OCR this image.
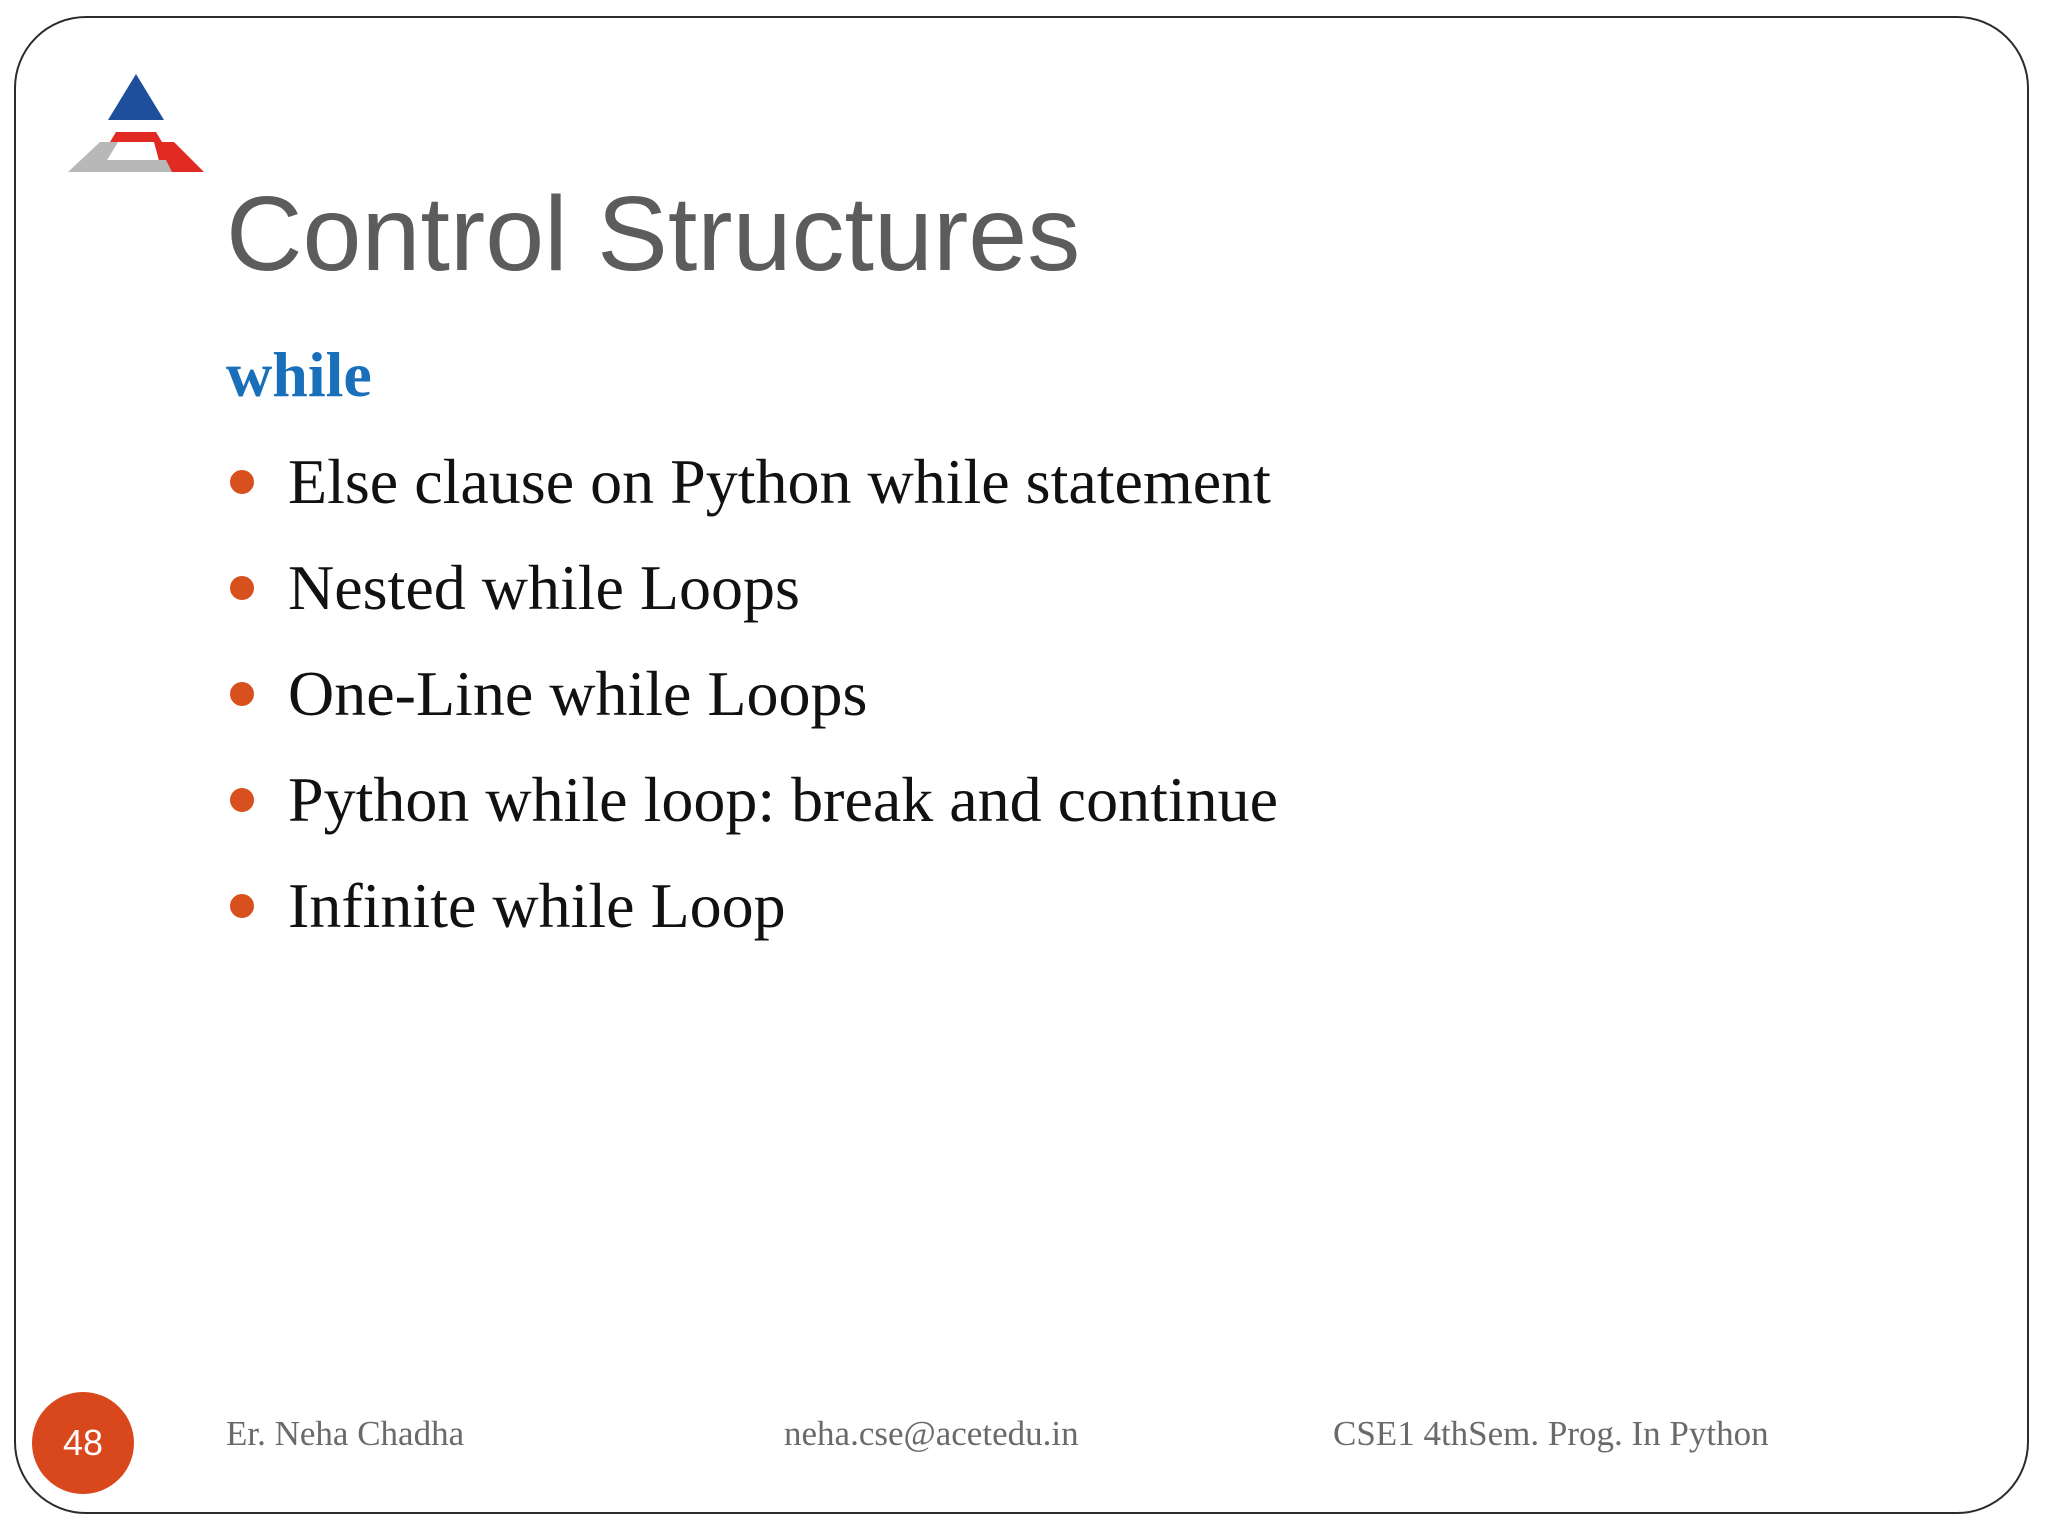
Control Structures
while
Else clause on Python while statement
Nested while Loops
One-Line while Loops
Python while loop: break and continue
Infinite while Loop
48	Er. Neha Chadha	neha.cse@acetedu.in	CSE1 4thSem. Prog. In Python
